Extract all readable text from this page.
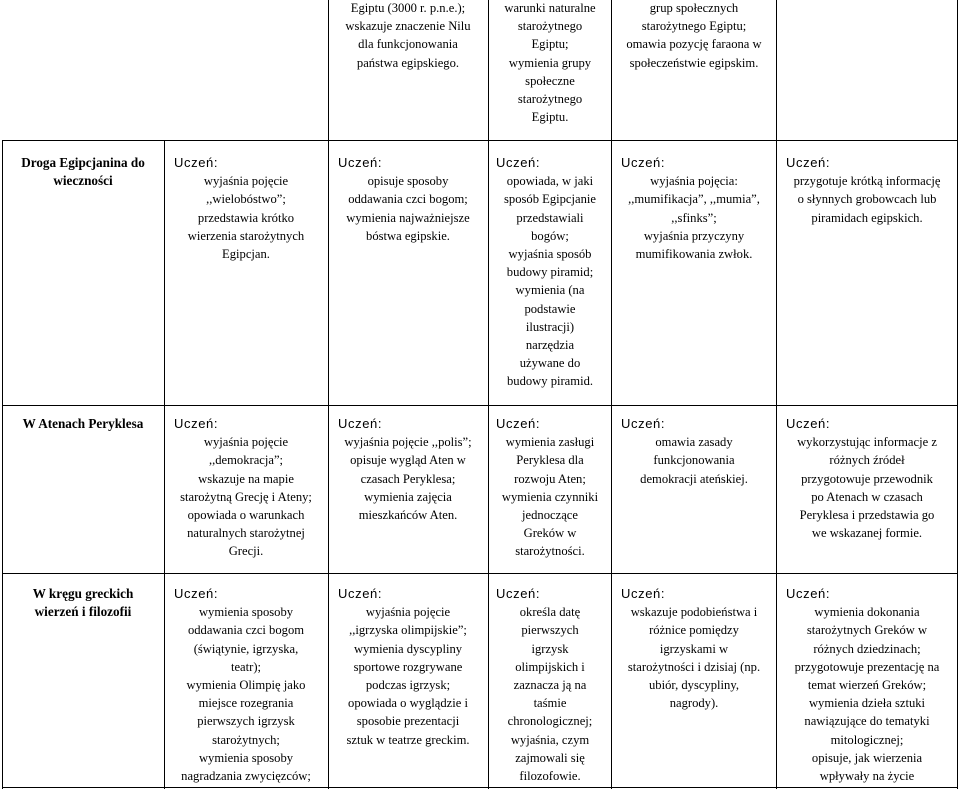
Egiptu (3000 r. p.n.e.);
wskazuje znaczenie Nilu
dla funkcjonowania
państwa egipskiego.
warunki naturalne
starożytnego
Egiptu;
wymienia grupy
społeczne
starożytnego
Egiptu.
grup społecznych
starożytnego Egiptu;
omawia pozycję faraona w
społeczeństwie egipskim.
Droga Egipcjanina do
wieczności
Uczeń:
wyjaśnia pojęcie
,,wielobóstwo”;
przedstawia krótko
wierzenia starożytnych
Egipcjan.
Uczeń:
opisuje sposoby
oddawania czci bogom;
wymienia najważniejsze
bóstwa egipskie.
Uczeń:
opowiada, w jaki
sposób Egipcjanie
przedstawiali
bogów;
wyjaśnia sposób
budowy piramid;
wymienia (na
podstawie
ilustracji)
narzędzia
używane do
budowy piramid.
Uczeń:
wyjaśnia pojęcia:
,,mumifikacja”, ,,mumia”,
,,sfinks”;
wyjaśnia przyczyny
mumifikowania zwłok.
Uczeń:
przygotuje krótką informację
o słynnych grobowcach lub
piramidach egipskich.
W Atenach Peryklesa	Uczeń:
wyjaśnia pojęcie
,,demokracja”;
wskazuje na mapie
starożytną Grecję i Ateny;
opowiada o warunkach
naturalnych starożytnej
Grecji.
Uczeń:
wyjaśnia pojęcie ,,polis”;
opisuje wygląd Aten w
czasach Peryklesa;
wymienia zajęcia
mieszkańców Aten.
Uczeń:
wymienia zasługi
Peryklesa dla
rozwoju Aten;
wymienia czynniki
jednoczące
Greków w
starożytności.
Uczeń:
omawia zasady
funkcjonowania
demokracji ateńskiej.
Uczeń:
wykorzystując informacje z
różnych źródeł
przygotowuje przewodnik
po Atenach w czasach
Peryklesa i przedstawia go
we wskazanej formie.
W kręgu greckich
wierzeń i filozofii
Uczeń:
wymienia sposoby
oddawania czci bogom
(świątynie, igrzyska,
teatr);
wymienia Olimpię jako
miejsce rozegrania
pierwszych igrzysk
starożytnych;
wymienia sposoby
nagradzania zwycięzców;
Uczeń:
wyjaśnia pojęcie
,,igrzyska olimpijskie”;
wymienia dyscypliny
sportowe rozgrywane
podczas igrzysk;
opowiada o wyglądzie i
sposobie prezentacji
sztuk w teatrze greckim.
Uczeń:
określa datę
pierwszych
igrzysk
olimpijskich i
zaznacza ją na
taśmie
chronologicznej;
wyjaśnia, czym
zajmowali się
filozofowie.
Uczeń:
wskazuje podobieństwa i
różnice pomiędzy
igrzyskami w
starożytności i dzisiaj (np.
ubiór, dyscypliny,
nagrody).
Uczeń:
wymienia dokonania
starożytnych Greków w
różnych dziedzinach;
przygotowuje prezentację na
temat wierzeń Greków;
wymienia dzieła sztuki
nawiązujące do tematyki
mitologicznej;
opisuje, jak wierzenia
wpływały na życie
